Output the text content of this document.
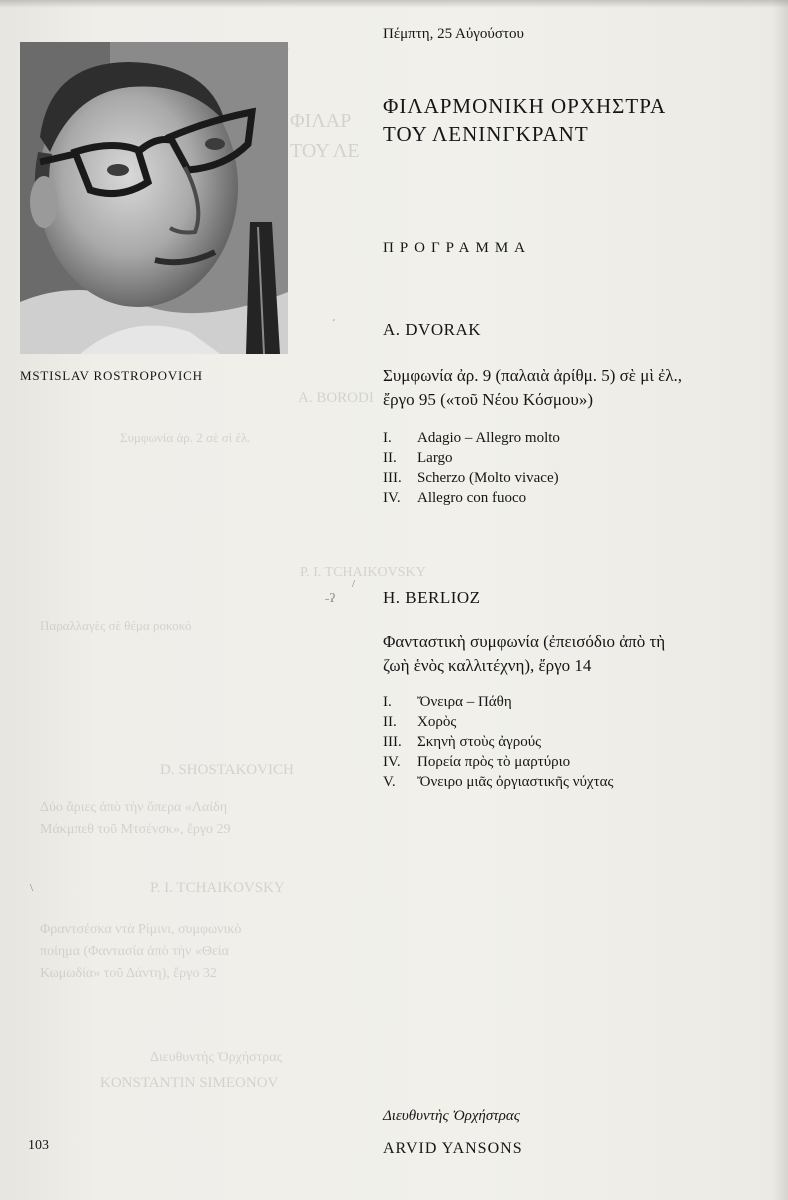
ΦΙΛΑΡ
ΤΟΥ ΛΕ
A. BORODI
Συμφωνία ἀρ. 2 σὲ σὶ ἐλ.
P. I. TCHAIKOVSKY
Παραλλαγὲς σὲ θέμα ροκοκό
D. SHOSTAKOVICH
Δύο ἄριες ἀπὸ τὴν ὄπερα «Λαίδη
Μάκμπεθ τοῦ Μτσένσκ», ἔργο 29
P. I. TCHAIKOVSKY
Φραντσέσκα ντὰ Ρίμινι, συμφωνικὸ
ποίημα (Φαντασία ἀπὸ τὴν «Θεία
Κωμωδία» τοῦ Δάντη), ἔργο 32
Διευθυντὴς Ὀρχήστρας
KONSTANTIN SIMEONOV
MSTISLAV ROSTROPOVICH
Πέμπτη, 25 Αὐγούστου
ΦΙΛΑΡΜΟΝΙΚΗ ΟΡΧΗΣΤΡΑ
ΤΟΥ ΛΕΝΙΝΓΚΡΑΝΤ
ΠΡΟΓΡΑΜΜΑ
A. DVORAK
Συμφωνία ἀρ. 9 (παλαιὰ ἀρίθμ. 5) σὲ μὶ ἐλ.,
ἔργο 95 («τοῦ Νέου Κόσμου»)
I.	Adagio – Allegro molto
II.	Largo
III.	Scherzo (Molto vivace)
IV.	Allegro con fuoco
H. BERLIOZ
Φανταστικὴ συμφωνία (ἐπεισόδιο ἀπὸ τὴ
ζωὴ ἑνὸς καλλιτέχνη), ἔργο 14
I.	Ὄνειρα – Πάθη
II.	Χορὸς
III.	Σκηνὴ στοὺς ἀγρούς
IV.	Πορεία πρὸς τὸ μαρτύριο
V.	Ὄνειρο μιᾶς ὀργιαστικῆς νύχτας
´
˗ʔ
/
\
Διευθυντὴς Ὀρχήστρας
ARVID YANSONS
103
